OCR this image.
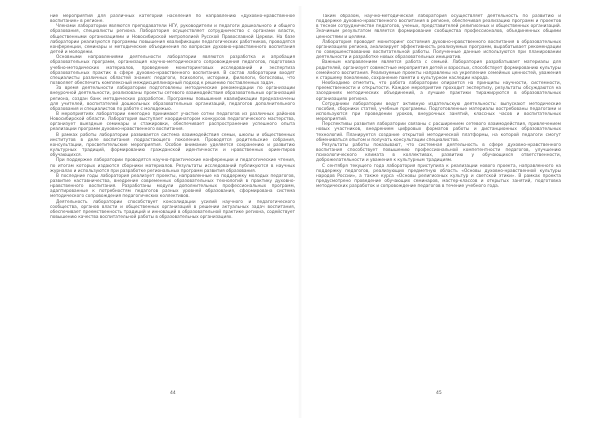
ние мероприятий для различных категорий населения по направлению «Духовно-нравственное воспитание» в регионе.

Членами лаборатории являются преподаватели НГУ, руководители и педагоги дошкольного и общего образования, специалисты региона. Лаборатория осуществляет сотрудничество с органами власти, общественными организациями и Новосибирской митрополией Русской Православной Церкви. На базе лаборатории реализуются программы повышения квалификации педагогических работников, проводятся конференции, семинары и методические объединения по вопросам духовно-нравственного воспитания детей и молодежи.

Основными направлениями деятельности лаборатории являются разработка и апробация образовательных программ, организация научно-методического сопровождения педагогов, подготовка учебно-методических материалов, проведение мониторинговых исследований и экспертиза образовательных практик в сфере духовно-нравственного воспитания. В состав лаборатории входят специалисты различных областей знания: педагоги, психологи, историки, филологи, богословы, что позволяет обеспечить комплексный междисциплинарный подход к решению поставленных задач.

За время деятельности лаборатории подготовлены методические рекомендации по организации внеурочной деятельности, реализованы проекты сетевого взаимодействия образовательных организаций региона, создан банк методических разработок. Программы повышения квалификации предназначены для учителей, воспитателей дошкольных образовательных организаций, педагогов дополнительного образования и специалистов по работе с молодежью.

В мероприятиях лаборатории ежегодно принимают участие сотни педагогов из различных районов Новосибирской области. Лаборатория выступает координатором конкурсов педагогического мастерства, организует выездные семинары и стажировки, обеспечивает распространение успешного опыта реализации программ духовно-нравственного воспитания.

В рамках работы лаборатории развивается система взаимодействия семьи, школы и общественных институтов в деле воспитания подрастающего поколения. Проводятся родительские собрания, консультации, просветительские мероприятия. Особое внимание уделяется сохранению и развитию культурных традиций, формированию гражданской идентичности и нравственных ориентиров обучающихся.

При поддержке лаборатории проводятся научно-практические конференции и педагогические чтения, по итогам которых издаются сборники материалов. Результаты исследований публикуются в научных журналах и используются при разработке региональных программ развития образования.

В последние годы лаборатория реализует проекты, направленные на поддержку молодых педагогов, развитие наставничества, внедрение современных образовательных технологий в практику духовно-нравственного воспитания. Разработаны модули дополнительных профессиональных программ, адаптированные к потребностям педагогов разных уровней образования, сформирована система методического сопровождения педагогических коллективов.

Деятельность лаборатории способствует консолидации усилий научного и педагогического сообщества, органов власти и общественных организаций в решении актуальных задач воспитания, обеспечивает преемственность традиций и инноваций в образовательной практике региона, содействует повышению качества воспитательной работы в образовательных организациях.

44

Таким образом, научно-методическая лаборатория осуществляет деятельность по развитию и поддержке духовно-нравственного воспитания в регионе, обеспечивая реализацию программ и проектов в тесном сотрудничестве педагогов, ученых, представителей религиозных и общественных организаций. Значимым результатом является формирование сообщества профессионалов, объединенных общими ценностями и целями.

Лаборатория проводит мониторинг состояния духовно-нравственного воспитания в образовательных организациях региона, анализирует эффективность реализуемых программ, вырабатывает рекомендации по совершенствованию воспитательной работы. Полученные данные используются при планировании деятельности и разработке новых образовательных инициатив.

Важным направлением является работа с семьей. Лаборатория разрабатывает материалы для родителей, организует совместные мероприятия детей и взрослых, способствует формированию культуры семейного воспитания. Реализуемые проекты направлены на укрепление семейных ценностей, уважения к старшему поколению, сохранение памяти о культурном наследии народа.

Необходимо отметить, что работа лаборатории опирается на принципы научности, системности, преемственности и открытости. Каждое мероприятие проходит экспертизу, результаты обсуждаются на заседаниях методических объединений, а лучшие практики тиражируются в образовательных организациях региона.

Сотрудники лаборатории ведут активную издательскую деятельность: выпускают методические пособия, сборники статей, учебные программы. Подготовленные материалы востребованы педагогами и используются при проведении уроков, внеурочных занятий, классных часов и воспитательных мероприятий.

Перспективы развития лаборатории связаны с расширением сетевого взаимодействия, привлечением новых участников, внедрением цифровых форматов работы и дистанционных образовательных технологий. Планируется создание открытой методической платформы, на которой педагоги смогут обмениваться опытом и получать консультации специалистов.

Результаты работы показывают, что системная деятельность в сфере духовно-нравственного воспитания способствует повышению профессиональной компетентности педагогов, улучшению психологического климата в коллективах, развитию у обучающихся ответственности, доброжелательности и уважения к культурным традициям.

С сентября текущего года лаборатория приступила к реализации нового проекта, направленного на поддержку педагогов, реализующих предметную область «Основы духовно-нравственной культуры народов России», а также курса «Основы религиозных культур и светской этики». В рамках проекта предусмотрено проведение обучающих семинаров, мастер-классов и открытых занятий, подготовка методических разработок и сопровождение педагогов в течение учебного года.

45
